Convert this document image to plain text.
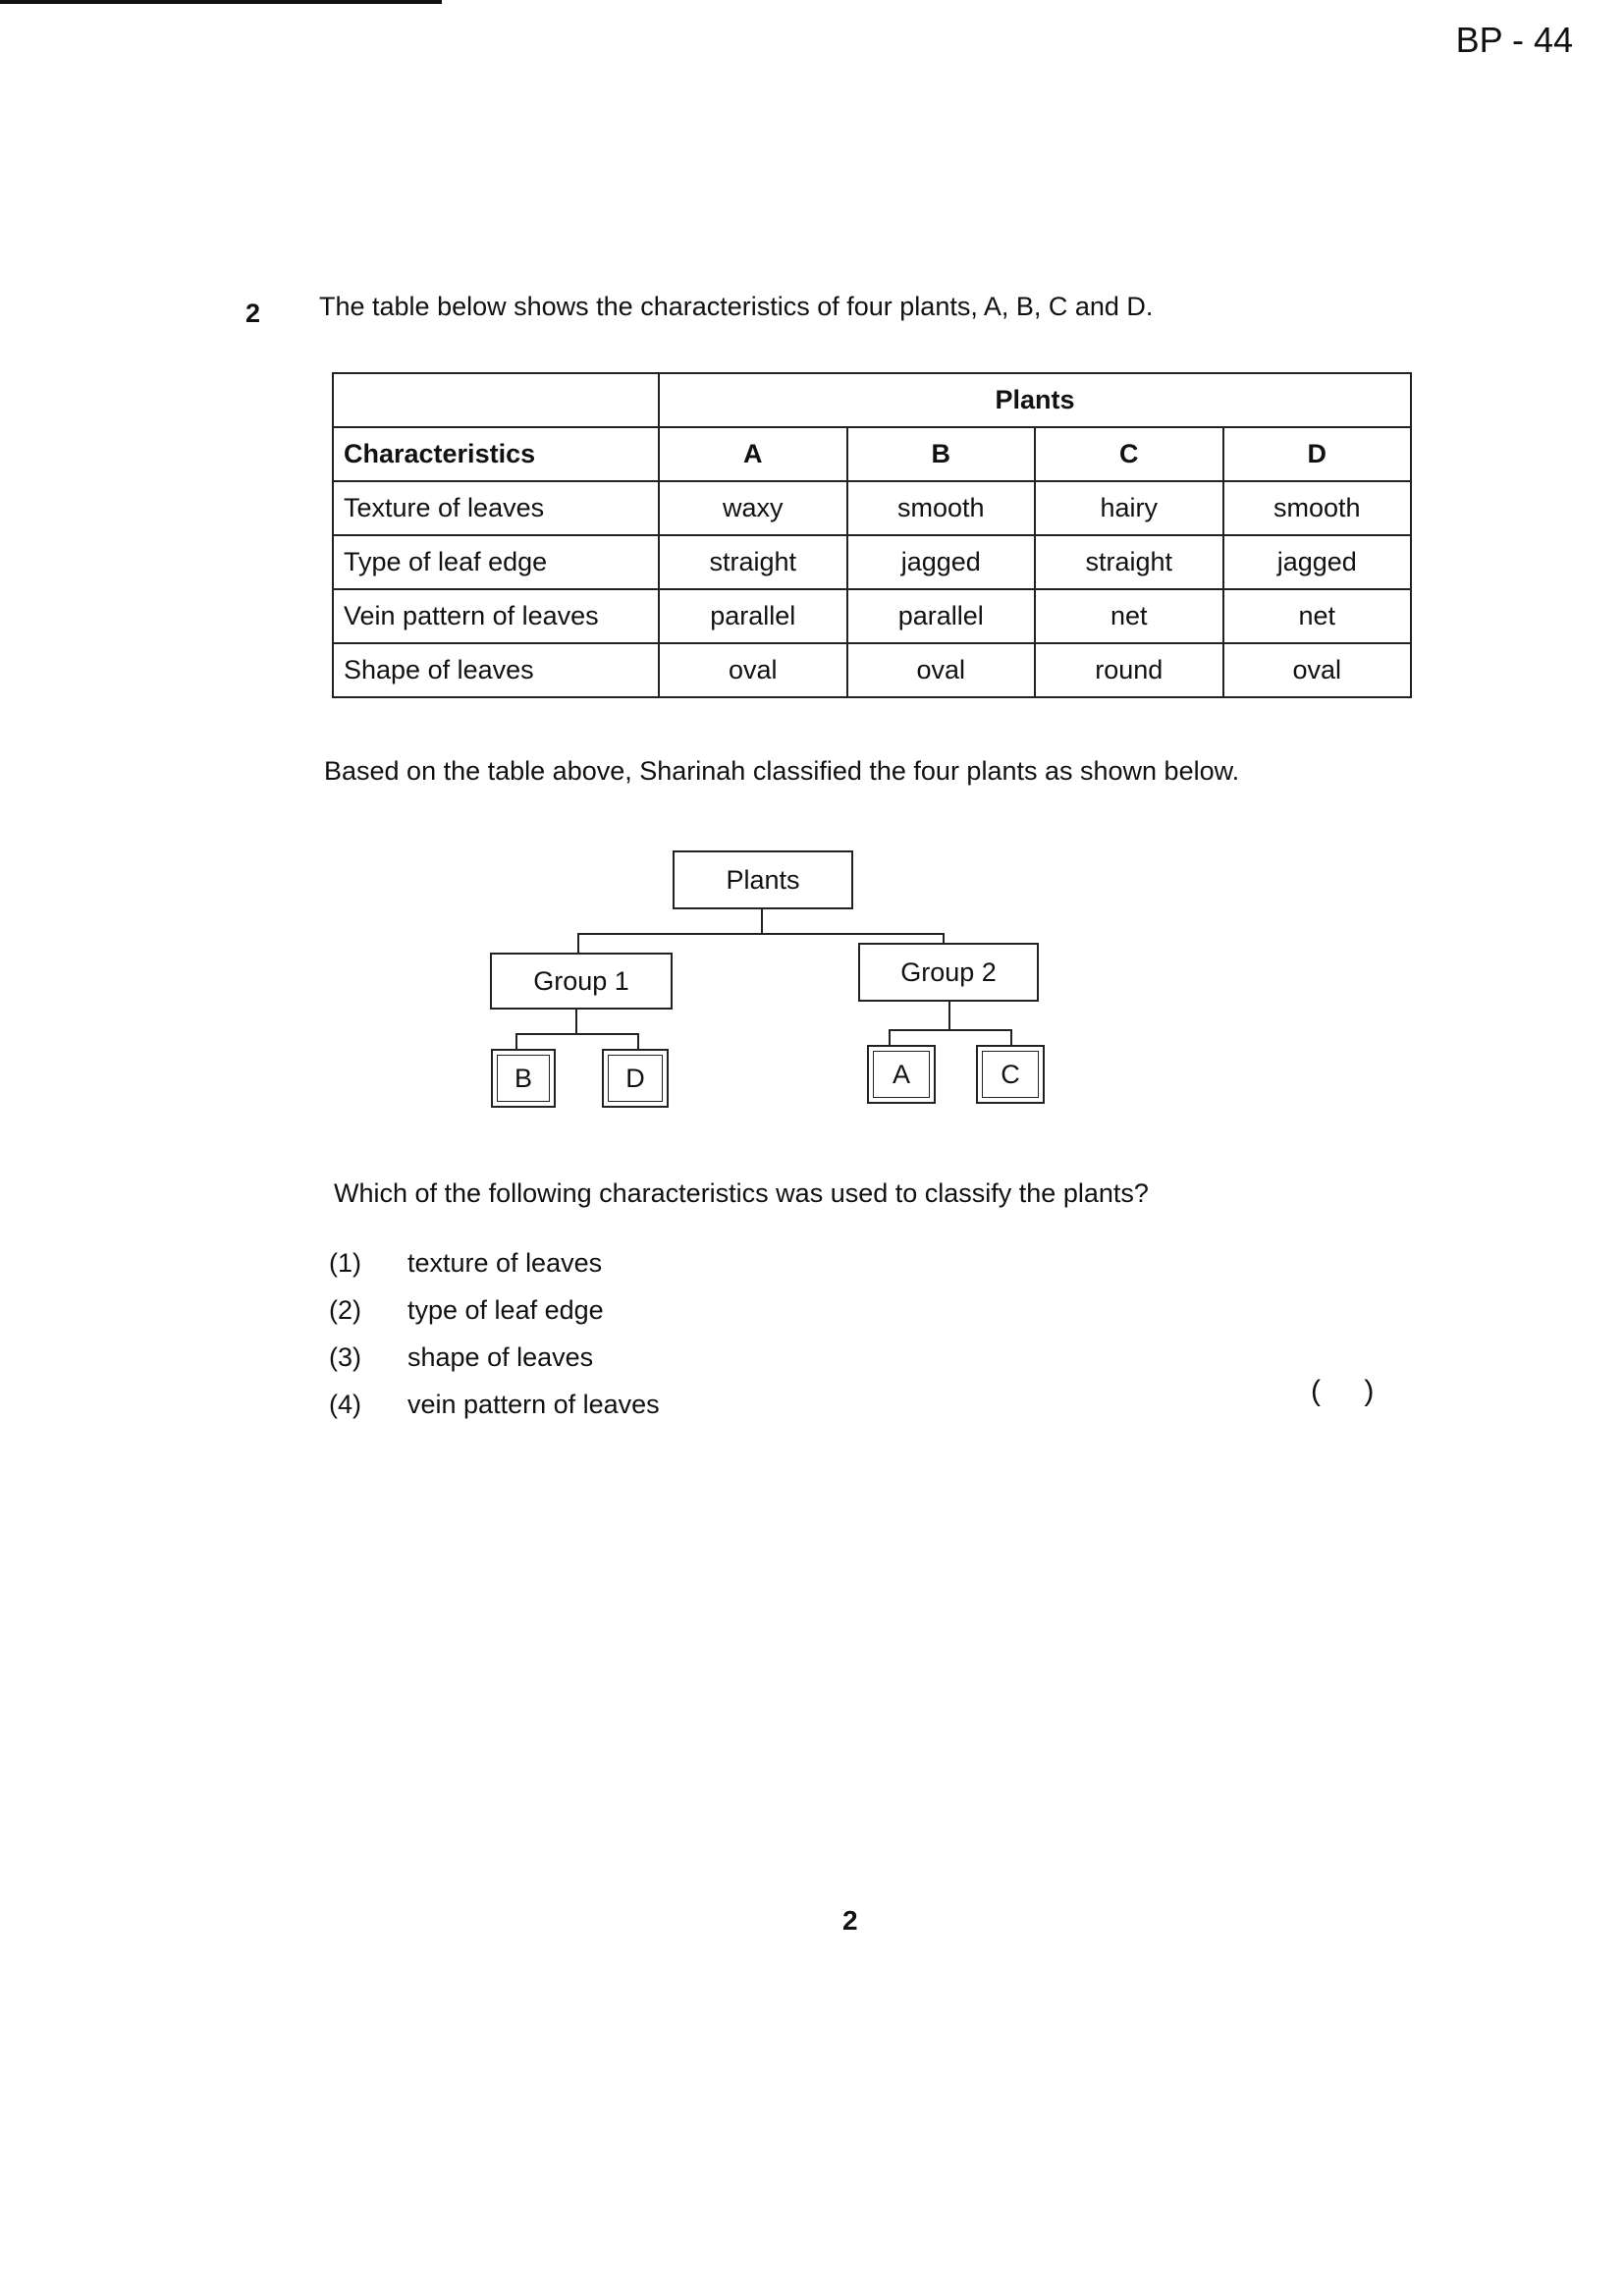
BP - 44
2 The table below shows the characteristics of four plants, A, B, C and D.
	Plants			
Characteristics	A	B	C	D
Texture of leaves	waxy	smooth	hairy	smooth
Type of leaf edge	straight	jagged	straight	jagged
Vein pattern of leaves	parallel	parallel	net	net
Shape of leaves	oval	oval	round	oval
Based on the table above, Sharinah classified the four plants as shown below.
Plants
Group 1	Group 2
B	D	A	C
Which of the following characteristics was used to classify the plants?
(1)	texture of leaves
(2)	type of leaf edge
(3)	shape of leaves
(4)	vein pattern of leaves	( )
2
